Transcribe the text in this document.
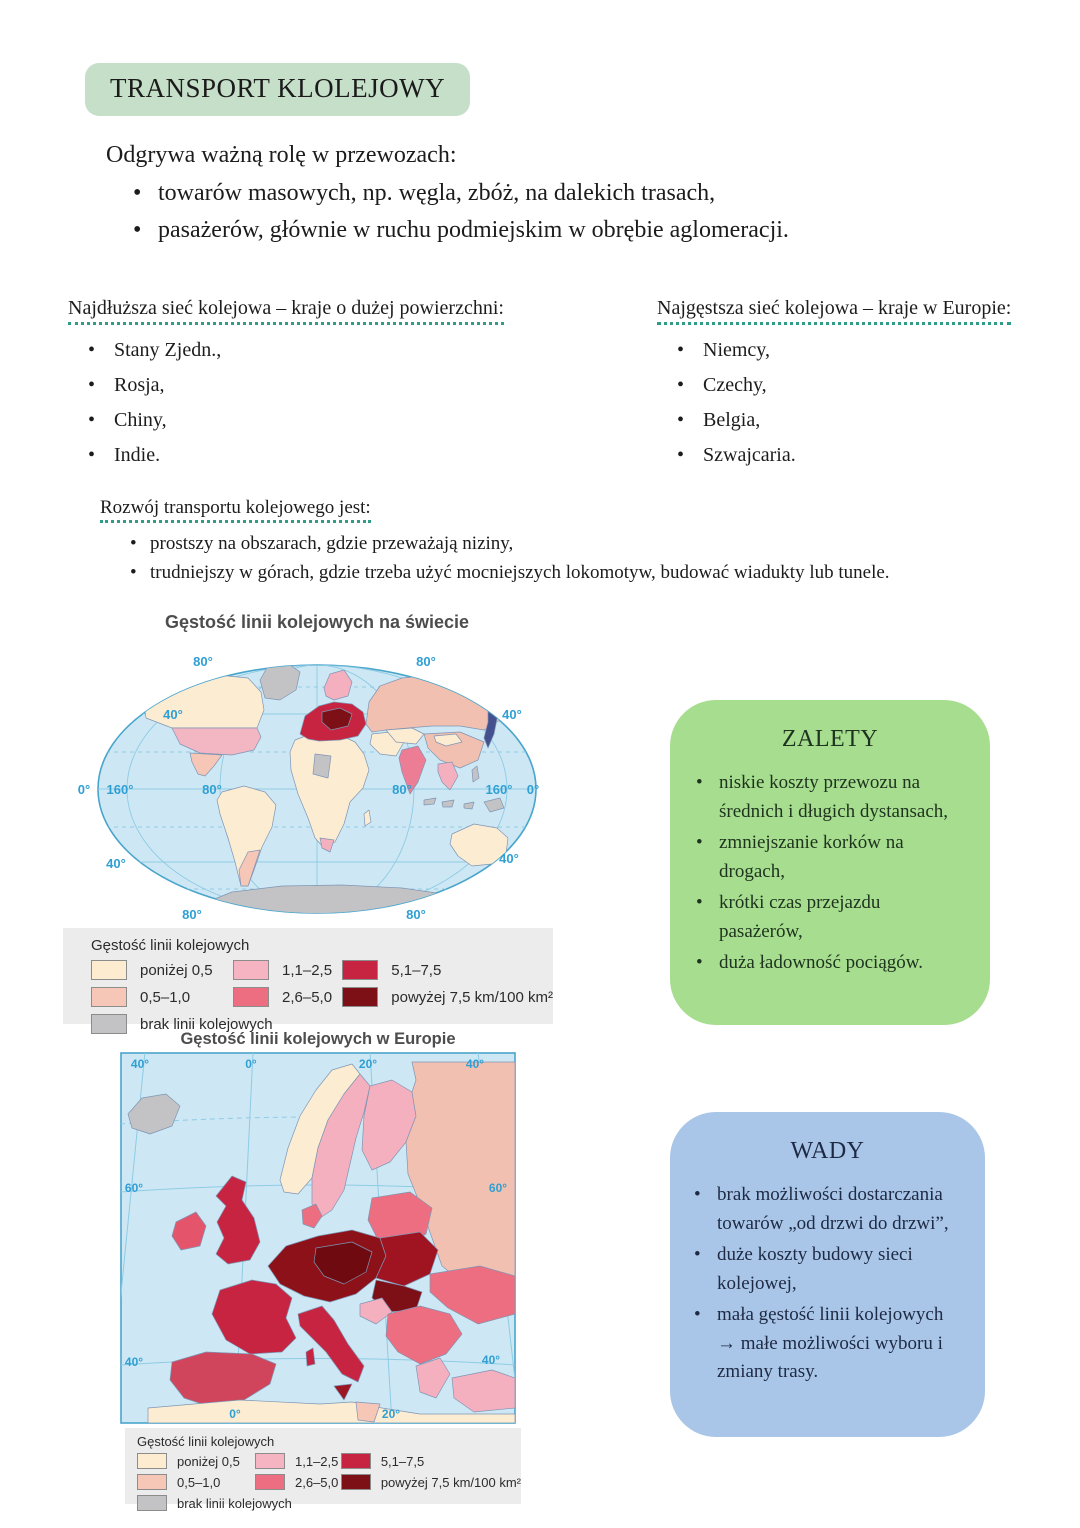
TRANSPORT KLOLEJOWY
Odgrywa ważną rolę w przewozach:
• towarów masowych, np. węgla, zbóż, na dalekich trasach,
• pasażerów, głównie w ruchu podmiejskim w obrębie aglomeracji.
Najdłuższa sieć kolejowa – kraje o dużej powierzchni:
• Stany Zjedn.,
• Rosja,
• Chiny,
• Indie.
Najgęstsza sieć kolejowa – kraje w Europie:
• Niemcy,
• Czechy,
• Belgia,
• Szwajcaria.
Rozwój transportu kolejowego jest:
• prostszy na obszarach, gdzie przeważają niziny,
• trudniejszy w górach, gdzie trzeba użyć mocniejszych lokomotyw, budować wiadukty lub tunele.
Gęstość linii kolejowych na świecie
80°	80°
40°	40°
0° 160°	80°	80°	160° 0°
40°	40°
80°	80°
Gęstość linii kolejowych
poniżej 0,5
0,5–1,0
brak linii kolejowych
1,1–2,5
2,6–5,0
5,1–7,5
powyżej 7,5 km/100 km²
ZALETY
• niskie koszty przewozu na średnich i długich dystansach,
• zmniejszanie korków na drogach,
• krótki czas przejazdu pasażerów,
• duża ładowność pociągów.
Gęstość linii kolejowych w Europie
40°	0°	20°	40°
60°	60°
40°	40°
0°	20°
Gęstość linii kolejowych
poniżej 0,5
0,5–1,0
brak linii kolejowych
1,1–2,5
2,6–5,0
5,1–7,5
powyżej 7,5 km/100 km²
WADY
• brak możliwości dostarczania towarów „od drzwi do drzwi”,
• duże koszty budowy sieci kolejowej,
• mała gęstość linii kolejowych → małe możliwości wyboru i zmiany trasy.
